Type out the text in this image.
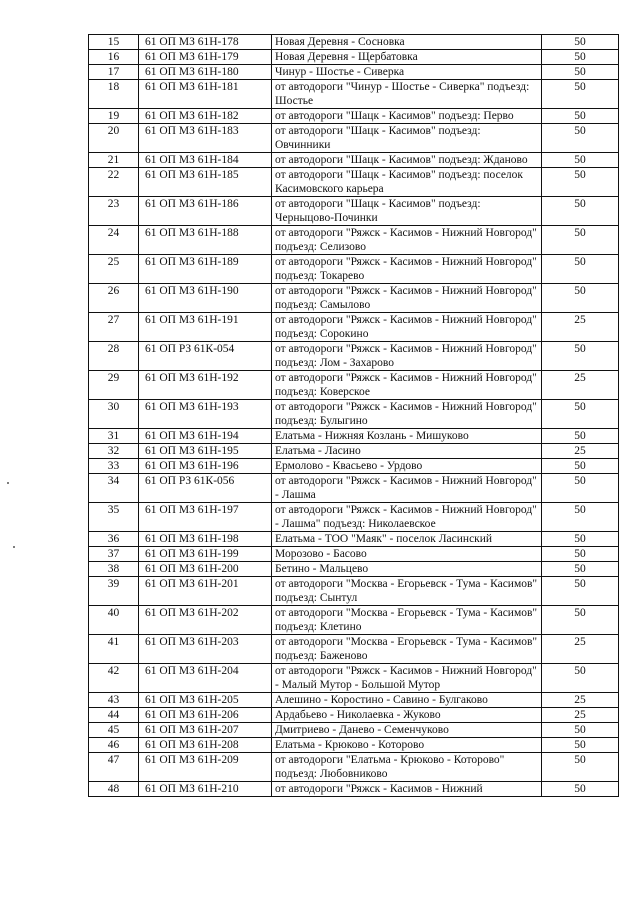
15	61 ОП МЗ 61Н-178	Новая Деревня - Сосновка	50
16	61 ОП МЗ 61Н-179	Новая Деревня - Щербатовка	50
17	61 ОП МЗ 61Н-180	Чинур - Шостье - Сиверка	50
18	61 ОП МЗ 61Н-181	от автодороги "Чинур - Шостье - Сиверка" подъезд: Шостье	50
19	61 ОП МЗ 61Н-182	от автодороги "Шацк - Касимов" подъезд: Перво	50
20	61 ОП МЗ 61Н-183	от автодороги "Шацк - Касимов" подъезд: Овчинники	50
21	61 ОП МЗ 61Н-184	от автодороги "Шацк - Касимов" подъезд: Жданово	50
22	61 ОП МЗ 61Н-185	от автодороги "Шацк - Касимов" подъезд: поселок Касимовского карьера	50
23	61 ОП МЗ 61Н-186	от автодороги "Шацк - Касимов" подъезд: Черныцово-Починки	50
24	61 ОП МЗ 61Н-188	от автодороги "Ряжск - Касимов - Нижний Новгород" подъезд: Селизово	50
25	61 ОП МЗ 61Н-189	от автодороги "Ряжск - Касимов - Нижний Новгород" подъезд: Токарево	50
26	61 ОП МЗ 61Н-190	от автодороги "Ряжск - Касимов - Нижний Новгород" подъезд: Самылово	50
27	61 ОП МЗ 61Н-191	от автодороги "Ряжск - Касимов - Нижний Новгород" подъезд: Сорокино	25
28	61 ОП РЗ 61К-054	от автодороги "Ряжск - Касимов - Нижний Новгород" подъезд: Лом - Захарово	50
29	61 ОП МЗ 61Н-192	от автодороги "Ряжск - Касимов - Нижний Новгород" подъезд: Коверское	25
30	61 ОП МЗ 61Н-193	от автодороги "Ряжск - Касимов - Нижний Новгород" подъезд: Булыгино	50
31	61 ОП МЗ 61Н-194	Елатьма - Нижняя Козлань - Мишуково	50
32	61 ОП МЗ 61Н-195	Елатьма - Ласино	25
33	61 ОП МЗ 61Н-196	Ермолово - Квасьево - Урдово	50
34	61 ОП РЗ 61К-056	от автодороги "Ряжск - Касимов - Нижний Новгород" - Лашма	50
35	61 ОП МЗ 61Н-197	от автодороги "Ряжск - Касимов - Нижний Новгород" - Лашма" подъезд: Николаевское	50
36	61 ОП МЗ 61Н-198	Елатьма - ТОО "Маяк" - поселок Ласинский	50
37	61 ОП МЗ 61Н-199	Морозово - Басово	50
38	61 ОП МЗ 61Н-200	Бетино - Мальцево	50
39	61 ОП МЗ 61Н-201	от автодороги "Москва - Егорьевск - Тума - Касимов" подъезд: Сынтул	50
40	61 ОП МЗ 61Н-202	от автодороги "Москва - Егорьевск - Тума - Касимов" подъезд: Клетино	50
41	61 ОП МЗ 61Н-203	от автодороги "Москва - Егорьевск - Тума - Касимов" подъезд: Баженово	25
42	61 ОП МЗ 61Н-204	от автодороги "Ряжск - Касимов - Нижний Новгород" - Малый Мутор - Большой Мутор	50
43	61 ОП МЗ 61Н-205	Алешино - Коростино - Савино - Булгаково	25
44	61 ОП МЗ 61Н-206	Ардабьево - Николаевка - Жуково	25
45	61 ОП МЗ 61Н-207	Дмитриево - Данево - Семенчуково	50
46	61 ОП МЗ 61Н-208	Елатьма - Крюково - Которово	50
47	61 ОП МЗ 61Н-209	от автодороги "Елатьма - Крюково - Которово" подъезд: Любовниково	50
48	61 ОП МЗ 61Н-210	от автодороги "Ряжск - Касимов - Нижний	50
